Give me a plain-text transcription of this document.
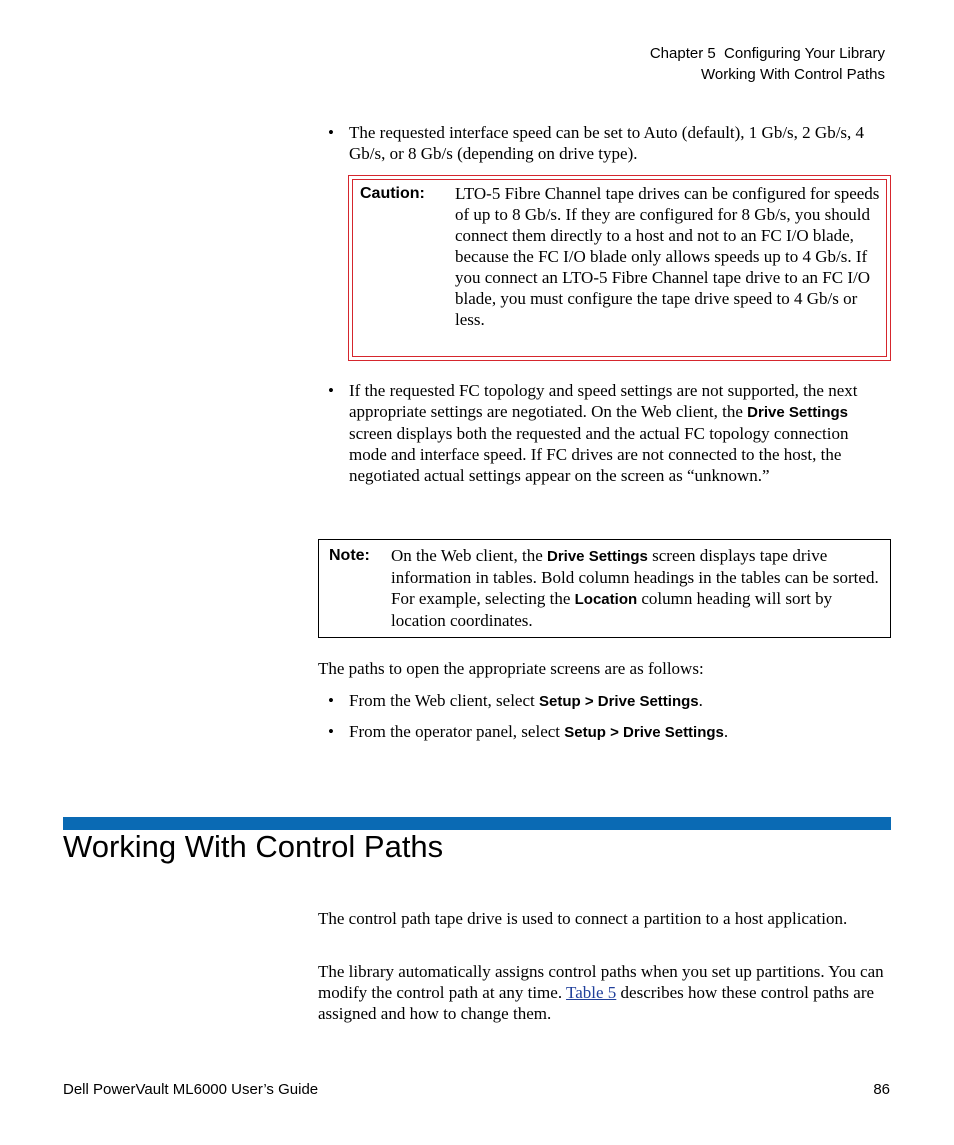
Chapter 5  Configuring Your Library
Working With Control Paths
• The requested interface speed can be set to Auto (default), 1 Gb/s, 2 Gb/s, 4 Gb/s, or 8 Gb/s (depending on drive type).
Caution: LTO-5 Fibre Channel tape drives can be configured for speeds of up to 8 Gb/s. If they are configured for 8 Gb/s, you should connect them directly to a host and not to an FC I/O blade, because the FC I/O blade only allows speeds up to 4 Gb/s. If you connect an LTO-5 Fibre Channel tape drive to an FC I/O blade, you must configure the tape drive speed to 4 Gb/s or less.
• If the requested FC topology and speed settings are not supported, the next appropriate settings are negotiated. On the Web client, the Drive Settings screen displays both the requested and the actual FC topology connection mode and interface speed. If FC drives are not connected to the host, the negotiated actual settings appear on the screen as “unknown.”
Note: On the Web client, the Drive Settings screen displays tape drive information in tables. Bold column headings in the tables can be sorted. For example, selecting the Location column heading will sort by location coordinates.
The paths to open the appropriate screens are as follows:
• From the Web client, select Setup > Drive Settings.
• From the operator panel, select Setup > Drive Settings.
Working With Control Paths
The control path tape drive is used to connect a partition to a host application.
The library automatically assigns control paths when you set up partitions. You can modify the control path at any time. Table 5 describes how these control paths are assigned and how to change them.
Dell PowerVault ML6000 User’s Guide	86
